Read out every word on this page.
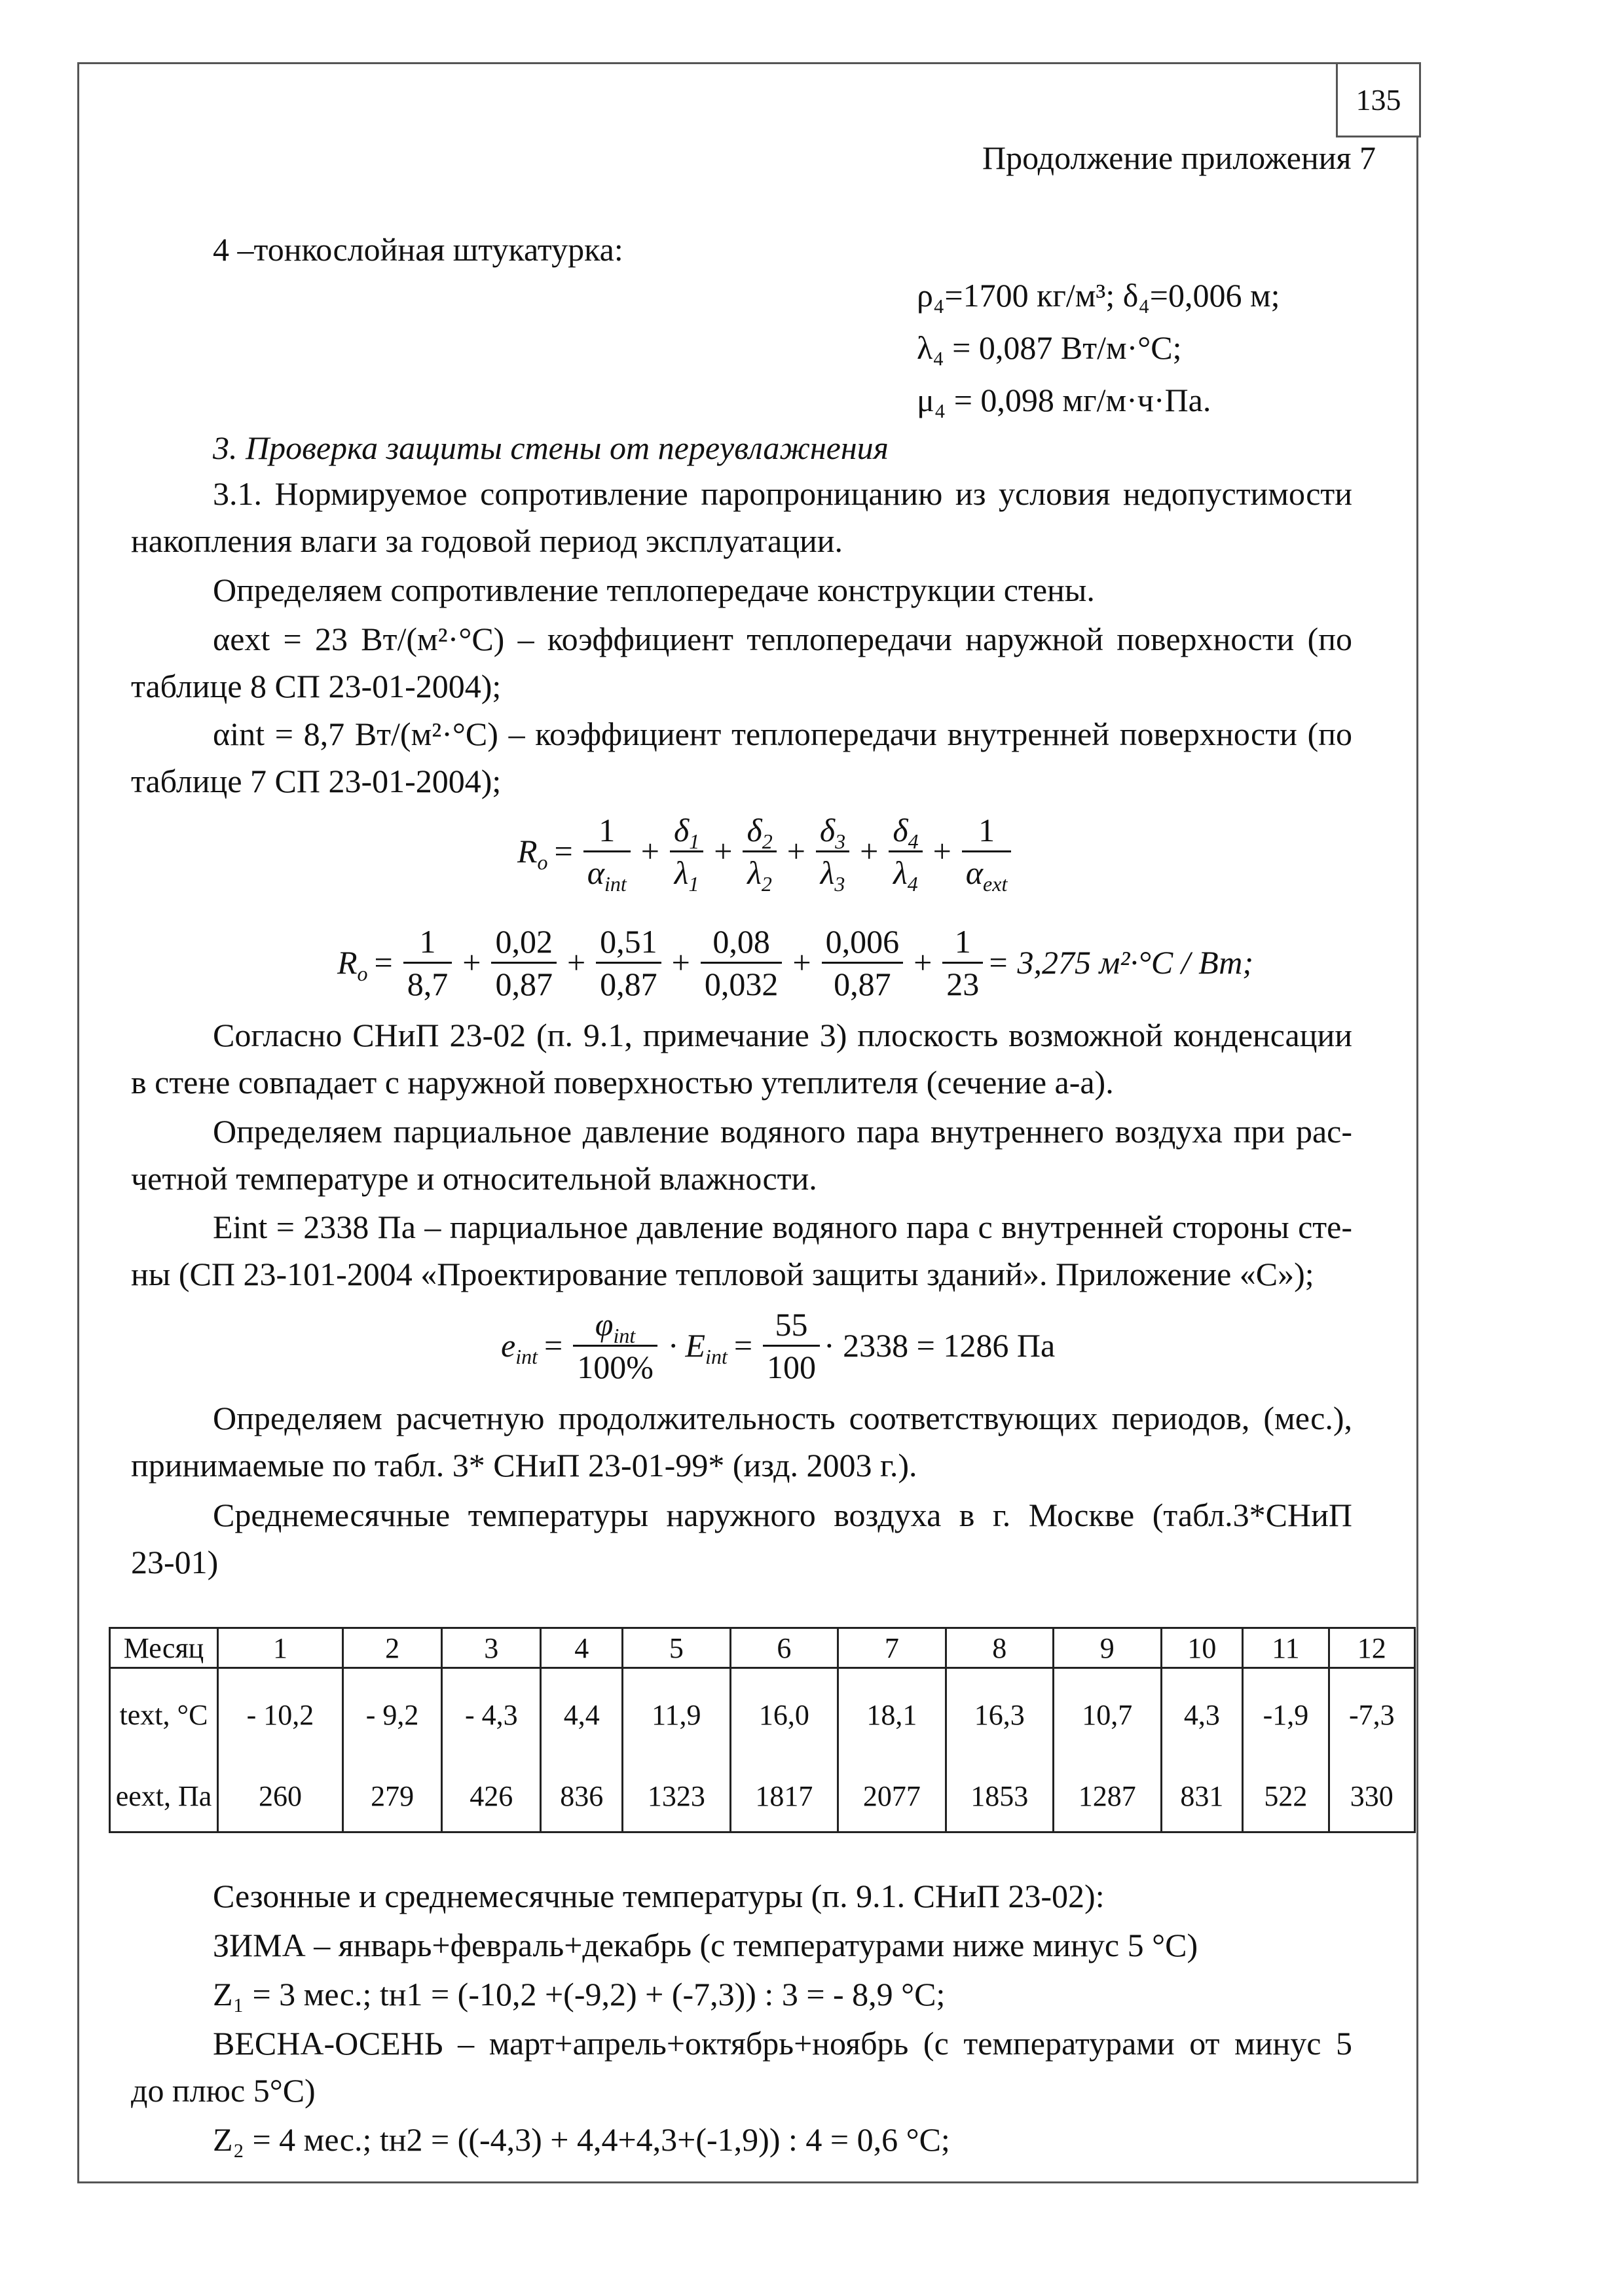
135
Продолжение приложения 7
4 –тонкослойная штукатурка:
ρ₄=1700 кг/м³; δ₄=0,006 м;
λ₄ = 0,087 Вт/м·°С;
μ₄ = 0,098 мг/м·ч·Па.
3. Проверка защиты стены от переувлажнения
3.1. Нормируемое сопротивление паропроницанию из условия недопустимости
накопления влаги за годовой период эксплуатации.
Определяем сопротивление теплопередаче конструкции стены.
αext = 23 Вт/(м²·°С) – коэффициент теплопередачи наружной поверхности (по
таблице 8 СП 23-01-2004);
αint = 8,7 Вт/(м²·°С) – коэффициент теплопередачи внутренней поверхности (по
таблице 7 СП 23-01-2004);
$R_o = \frac{1}{\alpha_{int}} + \frac{\delta_1}{\lambda_1} + \frac{\delta_2}{\lambda_2} + \frac{\delta_3}{\lambda_3} + \frac{\delta_4}{\lambda_4} + \frac{1}{\alpha_{ext}}$
$R_o = \frac{1}{8,7} + \frac{0,02}{0,87} + \frac{0,51}{0,87} + \frac{0,08}{0,032} + \frac{0,006}{0,87} + \frac{1}{23} = 3,275$ м²·°С / Вт;
Согласно СНиП 23-02 (п. 9.1, примечание 3) плоскость возможной конденсации
в стене совпадает с наружной поверхностью утеплителя (сечение а-а).
Определяем парциальное давление водяного пара внутреннего воздуха при рас-
четной температуре и относительной влажности.
Eint = 2338 Па – парциальное давление водяного пара с внутренней стороны сте-
ны (СП 23-101-2004 «Проектирование тепловой защиты зданий». Приложение «С»);
$e_{int} = \frac{\varphi_{int}}{100\%} \cdot E_{int} = \frac{55}{100} \cdot 2338 = 1286$ Па
Определяем расчетную продолжительность соответствующих периодов, (мес.),
принимаемые по табл. 3* СНиП 23-01-99* (изд. 2003 г.).
Среднемесячные температуры наружного воздуха в г. Москве (табл.3*СНиП
23-01)
Месяц	1	2	3	4	5	6	7	8	9	10	11	12
text, °С	- 10,2	- 9,2	- 4,3	4,4	11,9	16,0	18,1	16,3	10,7	4,3	-1,9	-7,3
eext, Па	260	279	426	836	1323	1817	2077	1853	1287	831	522	330
Сезонные и среднемесячные температуры (п. 9.1. СНиП 23-02):
ЗИМА – январь+февраль+декабрь (с температурами ниже минус 5 °С)
Z₁ = 3 мес.; tн1 = (-10,2 +(-9,2) + (-7,3)) : 3 = - 8,9 °С;
ВЕСНА-ОСЕНЬ – март+апрель+октябрь+ноябрь (с температурами от минус 5
до плюс 5°С)
Z₂ = 4 мес.; tн2 = ((-4,3) + 4,4+4,3+(-1,9)) : 4 = 0,6 °С;
